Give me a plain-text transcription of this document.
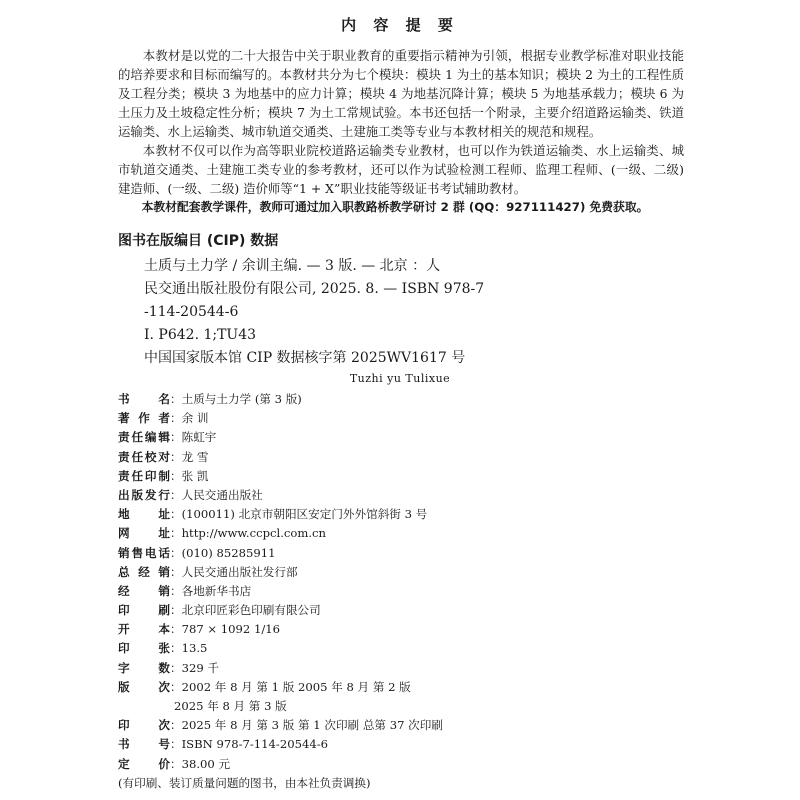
内 容 提 要

本教材是以党的二十大报告中关于职业教育的重要指示精神为引领，根据专业教学标准对职业技能的培养要求和目标而编写的。本教材共分为七个模块：模块 1 为土的基本知识；模块 2 为土的工程性质及工程分类；模块 3 为地基中的应力计算；模块 4 为地基沉降计算；模块 5 为地基承载力；模块 6 为土压力及土坡稳定性分析；模块 7 为土工常规试验。本书还包括一个附录，主要介绍道路运输类、铁道运输类、水上运输类、城市轨道交通类、土建施工类等专业与本教材相关的规范和规程。

本教材不仅可以作为高等职业院校道路运输类专业教材，也可以作为铁道运输类、水上运输类、城市轨道交通类、土建施工类专业的参考教材，还可以作为试验检测工程师、监理工程师、(一级、二级) 建造师、(一级、二级) 造价师等“1 + X”职业技能等级证书考试辅助教材。

本教材配套教学课件，教师可通过加入职教路桥教学研讨 2 群 (QQ：927111427) 免费获取。

图书在版编目 (CIP) 数据
土质与土力学 / 余训主编. — 3 版. — 北京 ：人
民交通出版社股份有限公司, 2025. 8. — ISBN 978-7
-114-20544-6
Ⅰ. P642. 1;TU43
中国国家版本馆 CIP 数据核字第 2025WV1617 号
Tuzhi yu Tulixue
书 名 ：土质与土力学 (第 3 版)
著 作 者 ：余 训
责任编辑 ：陈虹宇
责任校对 ：龙 雪
责任印制 ：张 凯
出版发行 ：人民交通出版社
地 址 ：(100011) 北京市朝阳区安定门外外馆斜街 3 号
网 址 ：http://www.ccpcl.com.cn
销售电话 ：(010) 85285911
总 经 销 ：人民交通出版社发行部
经 销 ：各地新华书店
印 刷 ：北京印匠彩色印刷有限公司
开 本 ：787 × 1092 1/16
印 张 ：13.5
字 数 ：329 千
版 次 ：2002 年 8 月 第 1 版 2005 年 8 月 第 2 版
2025 年 8 月 第 3 版
印 次 ：2025 年 8 月 第 3 版 第 1 次印刷 总第 37 次印刷
书 号 ：ISBN 978-7-114-20544-6
定 价 ：38.00 元
(有印刷、装订质量问题的图书，由本社负责调换)
